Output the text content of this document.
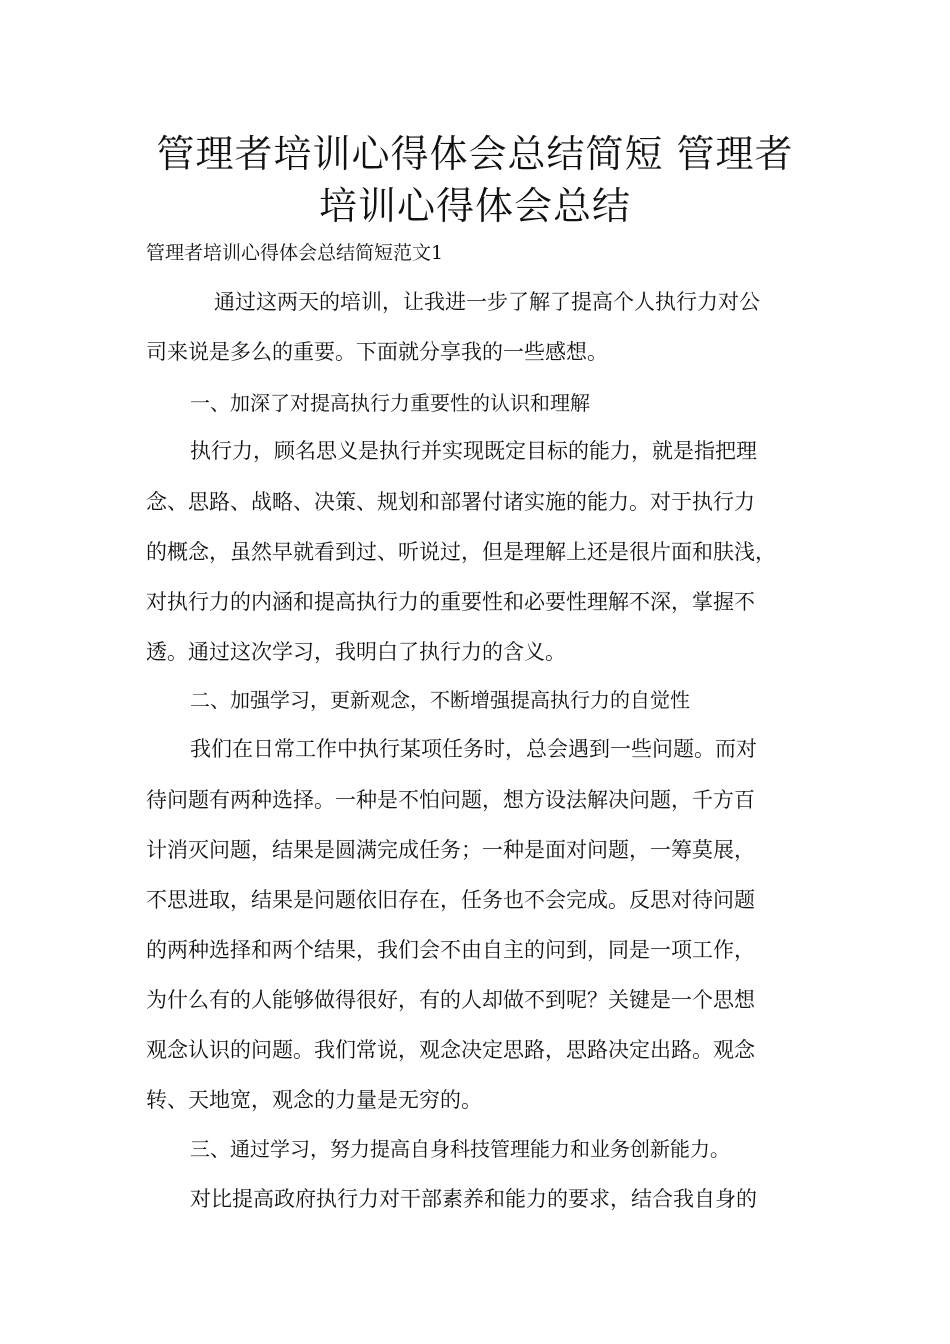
管理者培训心得体会总结简短 管理者
培训心得体会总结
管理者培训心得体会总结简短范文1

通过这两天的培训，让我进一步了解了提高个人执行力对公

司来说是多么的重要。下面就分享我的一些感想。

一、加深了对提高执行力重要性的认识和理解

执行力，顾名思义是执行并实现既定目标的能力，就是指把理

念、思路、战略、决策、规划和部署付诸实施的能力。对于执行力

的概念，虽然早就看到过、听说过，但是理解上还是很片面和肤浅，

对执行力的内涵和提高执行力的重要性和必要性理解不深，掌握不

透。通过这次学习，我明白了执行力的含义。

二、加强学习，更新观念，不断增强提高执行力的自觉性

我们在日常工作中执行某项任务时，总会遇到一些问题。而对

待问题有两种选择。一种是不怕问题，想方设法解决问题，千方百

计消灭问题，结果是圆满完成任务；一种是面对问题，一筹莫展，

不思进取，结果是问题依旧存在，任务也不会完成。反思对待问题

的两种选择和两个结果，我们会不由自主的问到，同是一项工作，

为什么有的人能够做得很好，有的人却做不到呢？关键是一个思想

观念认识的问题。我们常说，观念决定思路，思路决定出路。观念

转、天地宽，观念的力量是无穷的。

三、通过学习，努力提高自身科技管理能力和业务创新能力。

对比提高政府执行力对干部素养和能力的要求，结合我自身的
